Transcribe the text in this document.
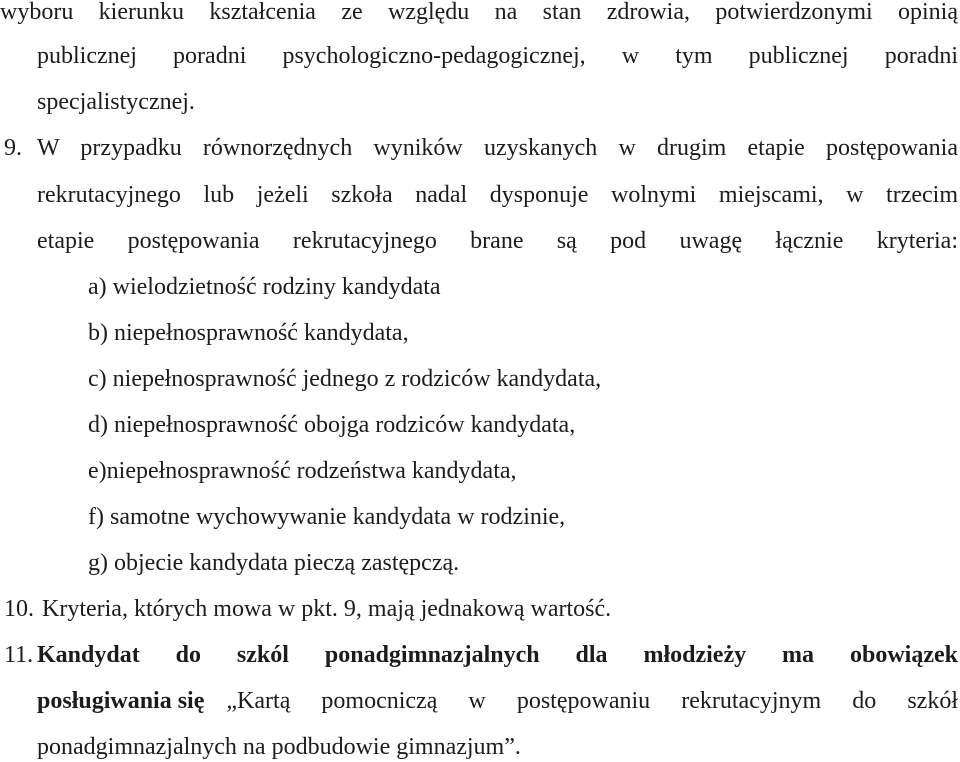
wyboru kierunku kształcenia ze względu na stan zdrowia, potwierdzonymi opinią
publicznej poradni psychologiczno-pedagogicznej, w tym publicznej poradni
specjalistycznej.
9. W przypadku równorzędnych wyników uzyskanych w drugim etapie postępowania
rekrutacyjnego lub jeżeli szkoła nadal dysponuje wolnymi miejscami, w trzecim
etapie postępowania rekrutacyjnego brane są pod uwagę łącznie kryteria:
a) wielodzietność rodziny kandydata
b) niepełnosprawność kandydata,
c) niepełnosprawność jednego z rodziców kandydata,
d) niepełnosprawność obojga rodziców kandydata,
e)niepełnosprawność rodzeństwa kandydata,
f) samotne wychowywanie kandydata w rodzinie,
g) objecie kandydata pieczą zastępczą.
10. Kryteria, których mowa w pkt. 9, mają jednakową wartość.
11. Kandydat do szkól ponadgimnazjalnych dla młodzieży ma obowiązek
posługiwania się „Kartą pomocniczą w postępowaniu rekrutacyjnym do szkół
ponadgimnazjalnych na podbudowie gimnazjum”.
